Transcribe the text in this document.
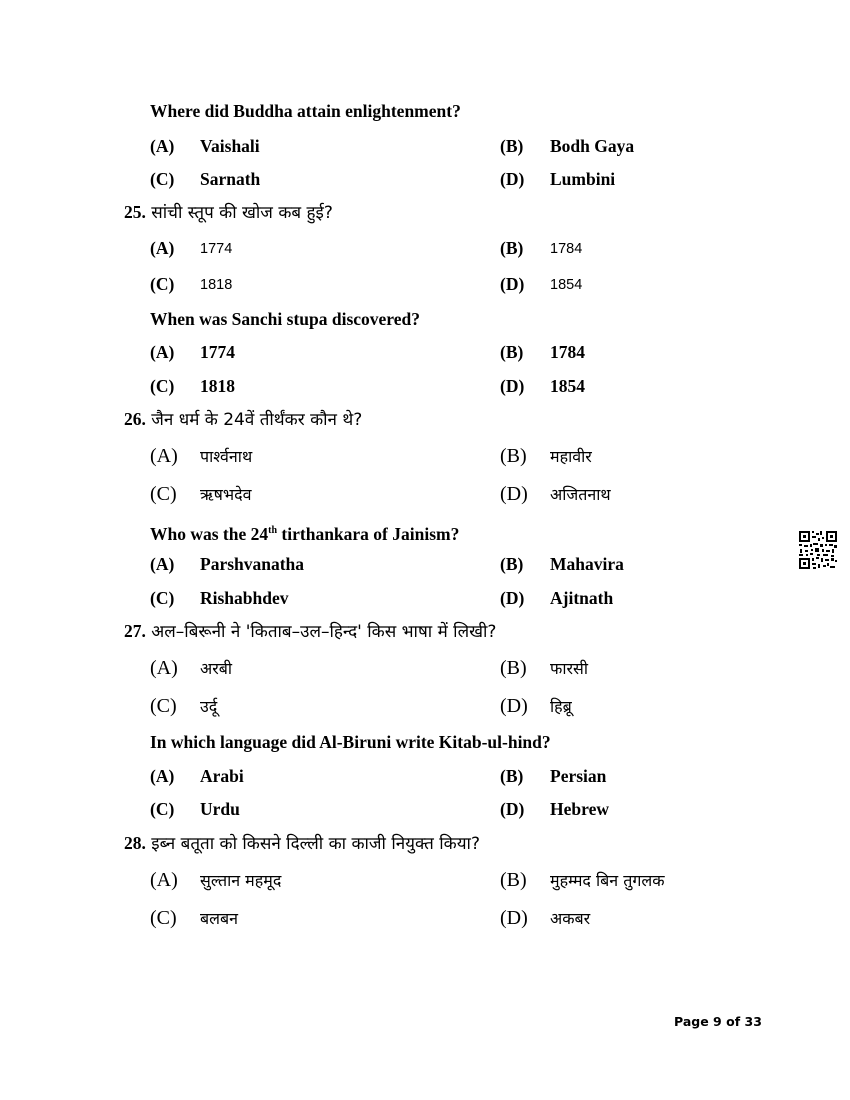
Where did Buddha attain enlightenment?
(A) Vaishali	(B) Bodh Gaya
(C) Sarnath	(D) Lumbini
25. सांची स्तूप की खोज कब हुई?
(A) 1774	(B) 1784
(C) 1818	(D) 1854
When was Sanchi stupa discovered?
(A) 1774	(B) 1784
(C) 1818	(D) 1854
26. जैन धर्म के 24वें तीर्थंकर कौन थे?
(A) पार्श्वनाथ	(B) महावीर
(C) ऋषभदेव	(D) अजितनाथ
Who was the 24th tirthankara of Jainism?
(A) Parshvanatha	(B) Mahavira
(C) Rishabhdev	(D) Ajitnath
27. अल–बिरूनी ने 'किताब–उल–हिन्द' किस भाषा में लिखी?
(A) अरबी	(B) फारसी
(C) उर्दू	(D) हिब्रू
In which language did Al-Biruni write Kitab-ul-hind?
(A) Arabi	(B) Persian
(C) Urdu	(D) Hebrew
28. इब्न बतूता को किसने दिल्ली का काजी नियुक्त किया?
(A) सुल्तान महमूद	(B) मुहम्मद बिन तुगलक
(C) बलबन	(D) अकबर
Page 9 of 33
